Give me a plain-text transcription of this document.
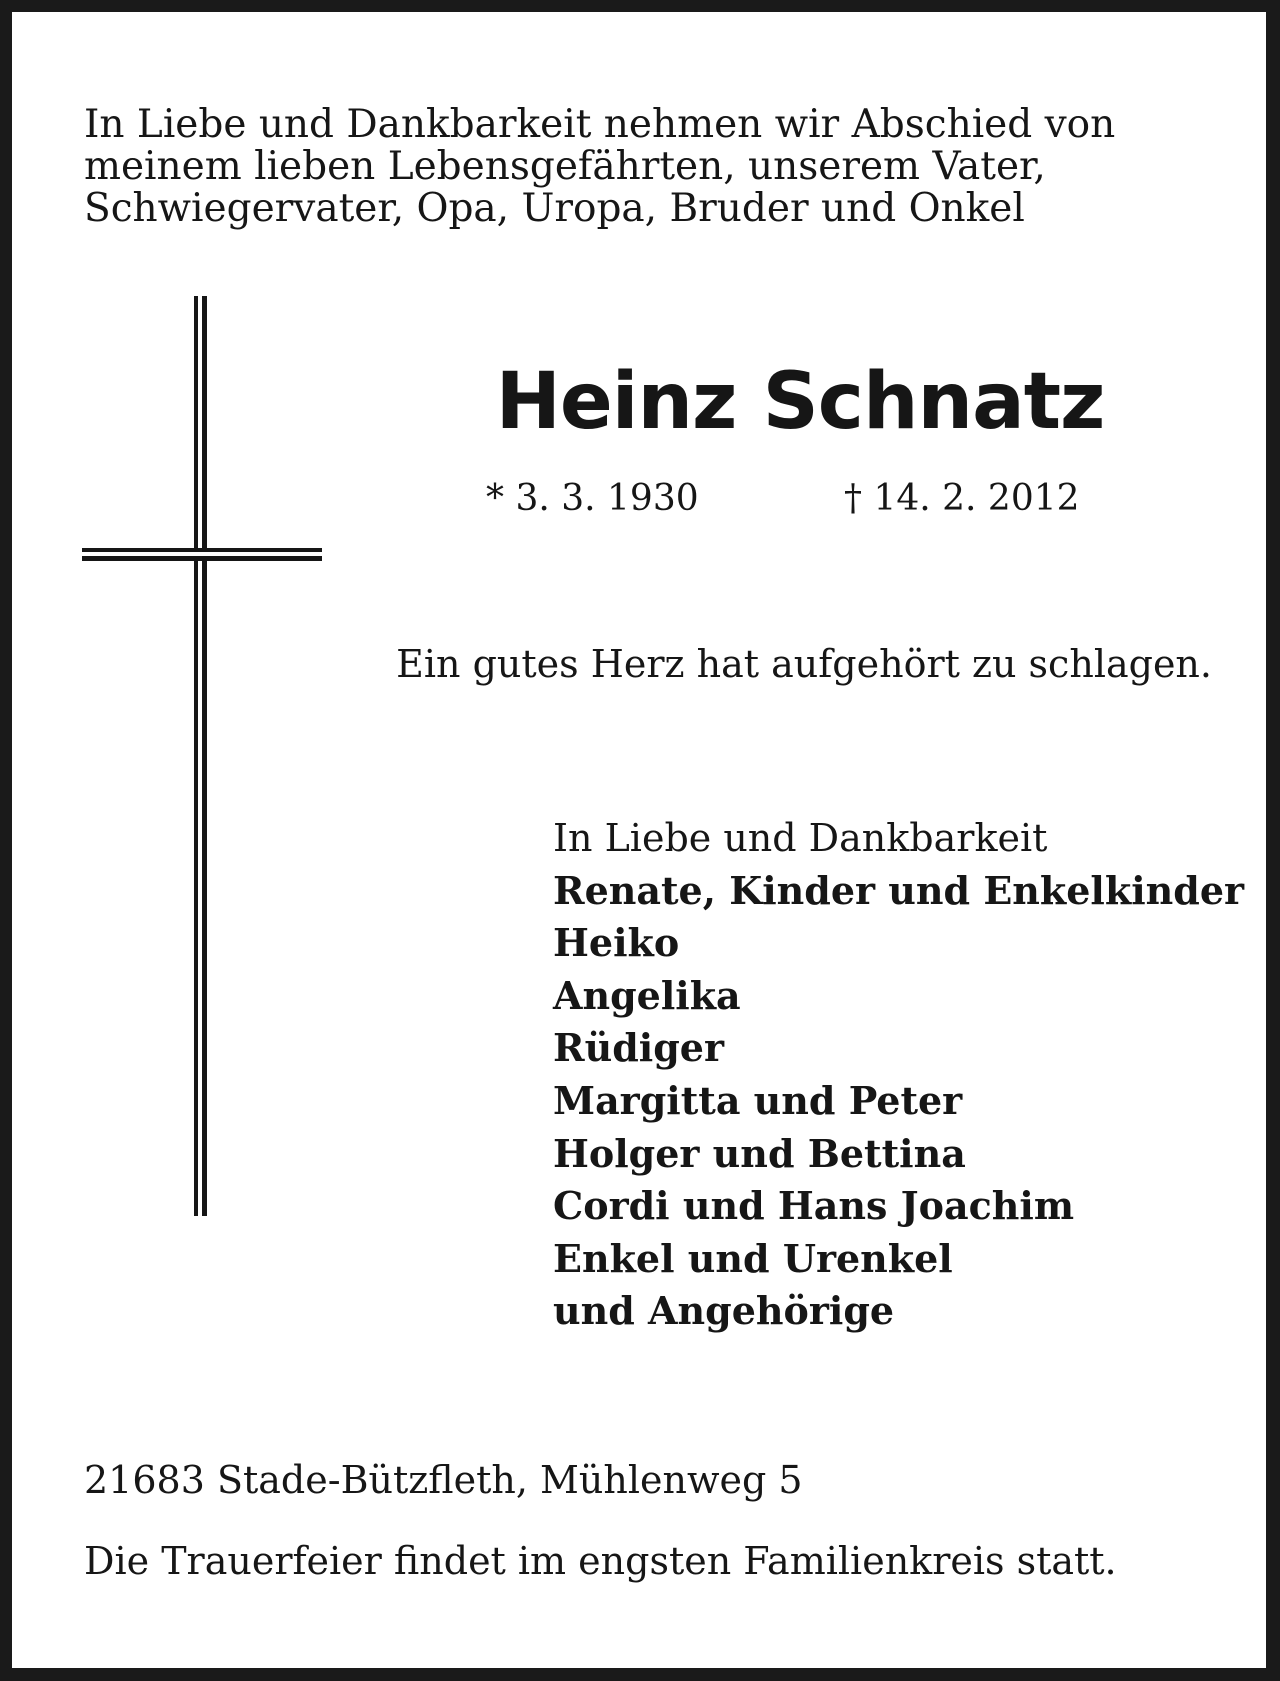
In Liebe und Dankbarkeit nehmen wir Abschied von
meinem lieben Lebensgefährten, unserem Vater,
Schwiegervater, Opa, Uropa, Bruder und Onkel
Heinz Schnatz
* 3. 3. 1930	† 14. 2. 2012
Ein gutes Herz hat aufgehört zu schlagen.
In Liebe und Dankbarkeit
Renate, Kinder und Enkelkinder
Heiko
Angelika
Rüdiger
Margitta und Peter
Holger und Bettina
Cordi und Hans Joachim
Enkel und Urenkel
und Angehörige
21683 Stade-Bützfleth, Mühlenweg 5
Die Trauerfeier findet im engsten Familienkreis statt.
